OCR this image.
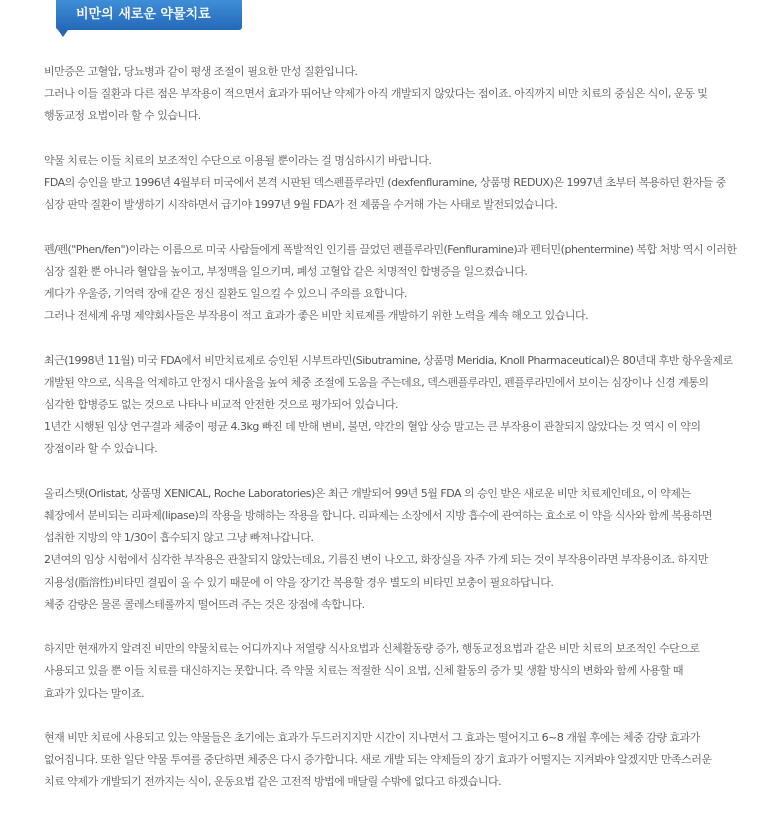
비만의 새로운 약물치료

비만증은 고혈압, 당뇨병과 같이 평생 조절이 필요한 만성 질환입니다.
그러나 이들 질환과 다른 점은 부작용이 적으면서 효과가 뛰어난 약제가 아직 개발되지 않았다는 점이죠. 아직까지 비만 치료의 중심은 식이, 운동 및
행동교정 요법이라 할 수 있습니다.

약물 치료는 이들 치료의 보조적인 수단으로 이용될 뿐이라는 걸 명심하시기 바랍니다.
FDA의 승인을 받고 1996년 4월부터 미국에서 본격 시판된 덱스펜플루라민 (dexfenfluramine, 상품명 REDUX)은 1997년 초부터 복용하던 환자들 중
심장 판막 질환이 발생하기 시작하면서 급기야 1997년 9월 FDA가 전 제품을 수거해 가는 사태로 발전되었습니다.

펜/펜("Phen/fen")이라는 이름으로 미국 사람들에게 폭발적인 인기를 끌었던 펜플루라민(Fenfluramine)과 펜터민(phentermine) 복합 처방 역시 이러한
심장 질환 뿐 아니라 혈압을 높이고, 부정맥을 일으키며, 폐성 고혈압 같은 치명적인 합병증을 일으켰습니다.
게다가 우울증, 기억력 장애 같은 정신 질환도 일으킬 수 있으니 주의를 요합니다.
그러나 전세계 유명 제약회사들은 부작용이 적고 효과가 좋은 비만 치료제를 개발하기 위한 노력을 계속 해오고 있습니다.

최근(1998년 11월) 미국 FDA에서 비만치료제로 승인된 시부트라민(Sibutramine, 상품명 Meridia, Knoll Pharmaceutical)은 80년대 후반 항우울제로
개발된 약으로, 식욕을 억제하고 안정시 대사율을 높여 체중 조절에 도움을 주는데요, 덱스펜플루라민, 펜플루라민에서 보이는 심장이나 신경 계통의
심각한 합병증도 없는 것으로 나타나 비교적 안전한 것으로 평가되어 있습니다.
1년간 시행된 임상 연구결과 체중이 평균 4.3kg 빠진 데 반해 변비, 불면, 약간의 혈압 상승 말고는 큰 부작용이 관찰되지 않았다는 것 역시 이 약의
장점이라 할 수 있습니다.

올리스탯(Orlistat, 상품명 XENICAL, Roche Laboratories)은 최근 개발되어 99년 5월 FDA 의 승인 받은 새로운 비만 치료제인데요, 이 약제는
췌장에서 분비되는 리파제(lipase)의 작용을 방해하는 작용을 합니다. 리파제는 소장에서 지방 흡수에 관여하는 효소로 이 약을 식사와 함께 복용하면
섭취한 지방의 약 1/30이 흡수되지 않고 그냥 빠져나갑니다.
2년여의 임상 시험에서 심각한 부작용은 관찰되지 않았는데요, 기름진 변이 나오고, 화장실을 자주 가게 되는 것이 부작용이라면 부작용이죠. 하지만
지용성(脂溶性)비타민 결핍이 올 수 있기 때문에 이 약을 장기간 복용할 경우 별도의 비타민 보충이 필요하답니다.
체중 감량은 물론 콜레스테롤까지 떨어뜨려 주는 것은 장점에 속합니다.

하지만 현재까지 알려진 비만의 약물치료는 어디까지나 저열량 식사요법과 신체활동량 증가, 행동교정요법과 같은 비만 치료의 보조적인 수단으로
사용되고 있을 뿐 이들 치료를 대신하지는 못합니다. 즉 약물 치료는 적절한 식이 요법, 신체 활동의 증가 및 생활 방식의 변화와 함께 사용할 때
효과가 있다는 말이죠.

현재 비만 치료에 사용되고 있는 약물들은 초기에는 효과가 두드러지지만 시간이 지나면서 그 효과는 떨어지고 6~8 개월 후에는 체중 감량 효과가
없어집니다. 또한 일단 약물 투여를 중단하면 체중은 다시 증가합니다. 새로 개발 되는 약제들의 장기 효과가 어떨지는 지켜봐야 알겠지만 만족스러운
치료 약제가 개발되기 전까지는 식이, 운동요법 같은 고전적 방법에 매달릴 수밖에 없다고 하겠습니다.
